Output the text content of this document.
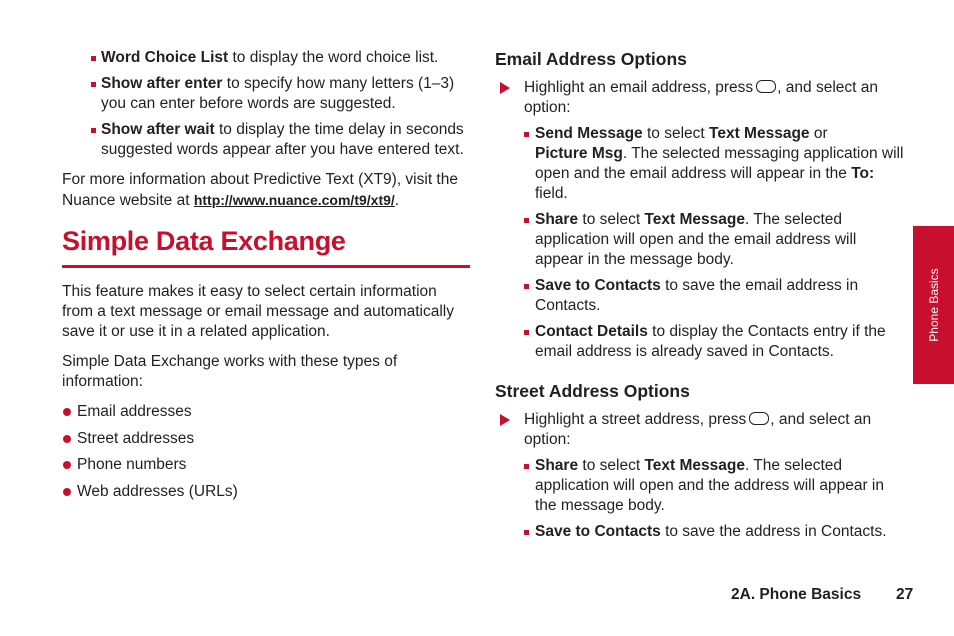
Word Choice List to display the word choice list.

Show after enter to specify how many letters (1–3) you can enter before words are suggested.

Show after wait to display the time delay in seconds suggested words appear after you have entered text.

For more information about Predictive Text (XT9), visit the Nuance website at http://www.nuance.com/t9/xt9/.

Simple Data Exchange

This feature makes it easy to select certain information from a text message or email message and automatically save it or use it in a related application.

Simple Data Exchange works with these types of information:

Email addresses
Street addresses
Phone numbers
Web addresses (URLs)
Email Address Options

Highlight an email address, press , and select an option:

Send Message to select Text Message or
Picture Msg. The selected messaging application will open and the email address will appear in the To: field.

Share to select Text Message. The selected application will open and the email address will appear in the message body.

Save to Contacts to save the email address in Contacts.

Contact Details to display the Contacts entry if the email address is already saved in Contacts.

Street Address Options

Highlight a street address, press , and select an option:

Share to select Text Message. The selected application will open and the address will appear in the message body.

Save to Contacts to save the address in Contacts.

Phone Basics
2A. Phone Basics 27
